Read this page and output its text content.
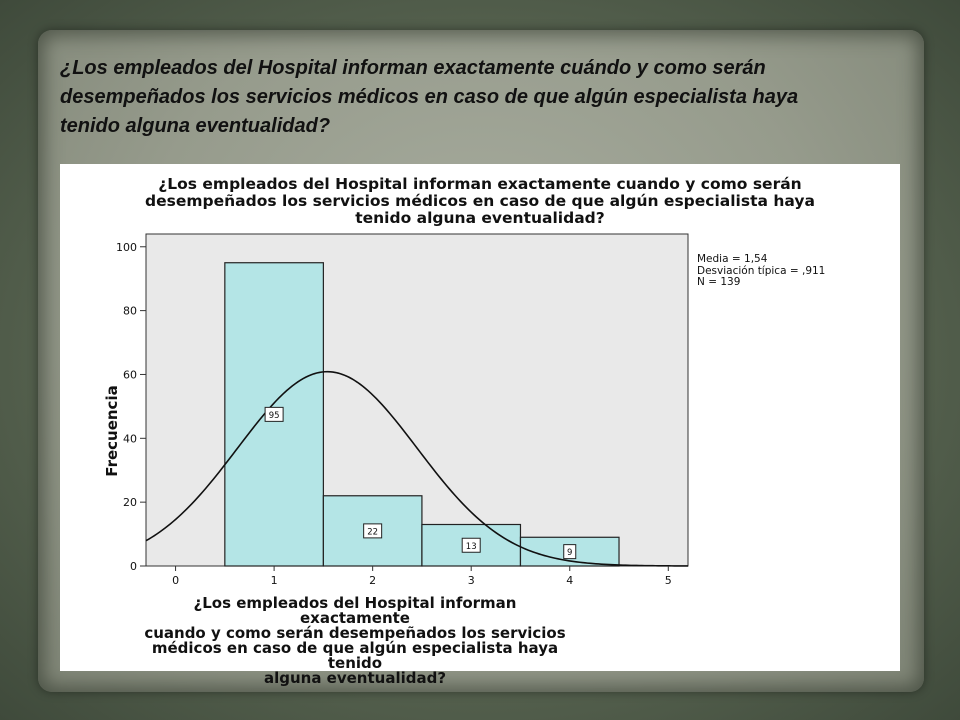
¿Los empleados del Hospital informan exactamente cuándo y como serán desempeñados los servicios médicos en caso de que algún especialista haya tenido alguna eventualidad?

¿Los empleados del Hospital informan exactamente cuando y como serán
desempeñados los servicios médicos en caso de que algún especialista haya
tenido alguna eventualidad?
95
22
13
9
0
20
40
60
80
100
0	1	2	3	4	5
Frecuencia
Media = 1,54
Desviación típica = ,911
N = 139
¿Los empleados del Hospital informan exactamente
cuando y como serán desempeñados los servicios
médicos en caso de que algún especialista haya tenido
alguna eventualidad?
